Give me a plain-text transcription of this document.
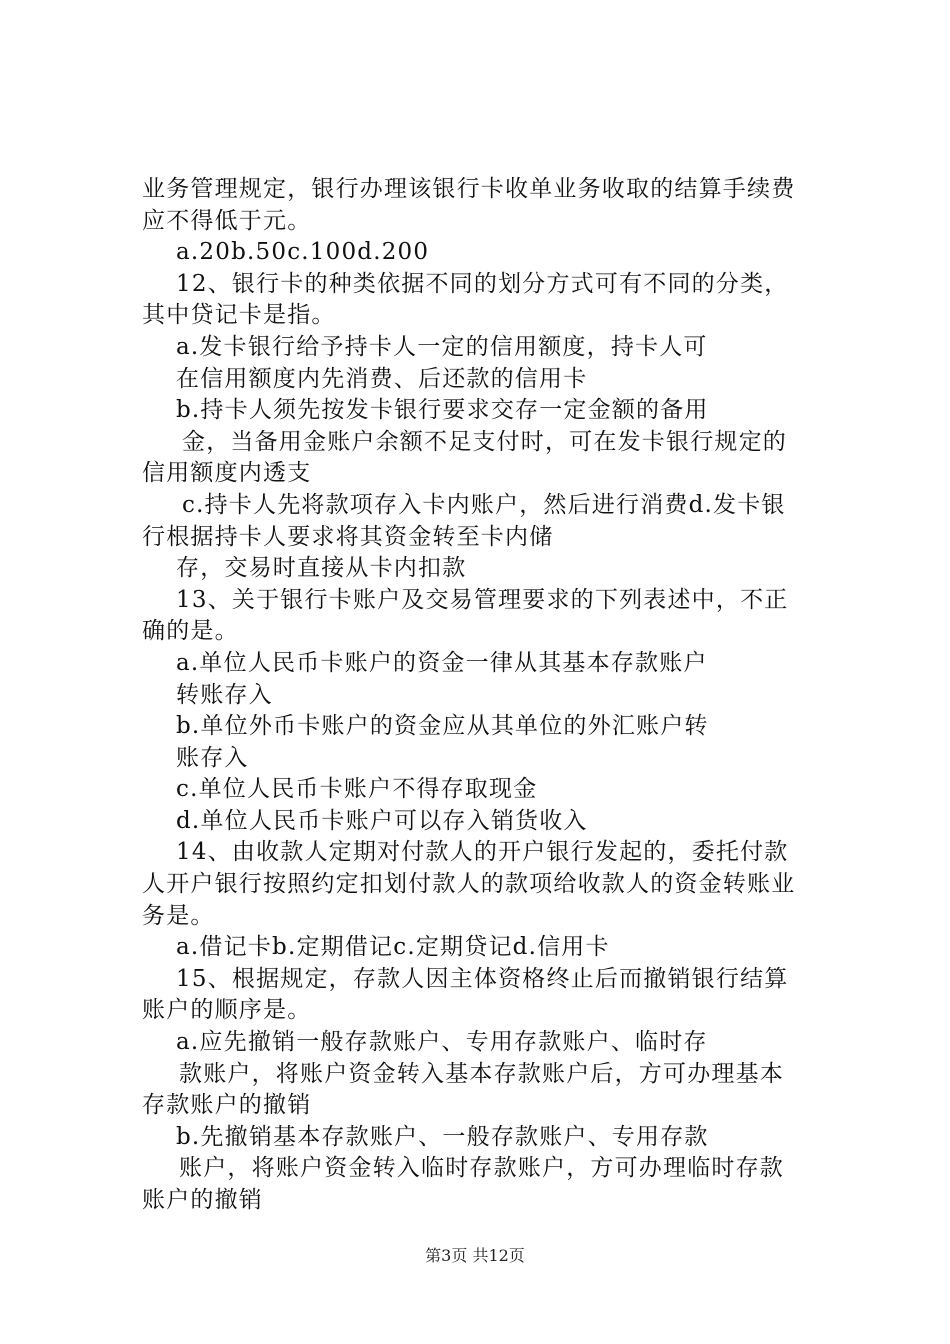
业务管理规定，银行办理该银行卡收单业务收取的结算手续费
应不得低于元。
a.20b.50c.100d.200
12、银行卡的种类依据不同的划分方式可有不同的分类，
其中贷记卡是指。
a.发卡银行给予持卡人一定的信用额度，持卡人可
在信用额度内先消费、后还款的信用卡
b.持卡人须先按发卡银行要求交存一定金额的备用
金，当备用金账户余额不足支付时，可在发卡银行规定的
信用额度内透支
c.持卡人先将款项存入卡内账户，然后进行消费d.发卡银
行根据持卡人要求将其资金转至卡内储
存，交易时直接从卡内扣款
13、关于银行卡账户及交易管理要求的下列表述中，不正
确的是。
a.单位人民币卡账户的资金一律从其基本存款账户
转账存入
b.单位外币卡账户的资金应从其单位的外汇账户转
账存入
c.单位人民币卡账户不得存取现金
d.单位人民币卡账户可以存入销货收入
14、由收款人定期对付款人的开户银行发起的，委托付款
人开户银行按照约定扣划付款人的款项给收款人的资金转账业
务是。
a.借记卡b.定期借记c.定期贷记d.信用卡
15、根据规定，存款人因主体资格终止后而撤销银行结算
账户的顺序是。
a.应先撤销一般存款账户、专用存款账户、临时存
款账户，将账户资金转入基本存款账户后，方可办理基本
存款账户的撤销
b.先撤销基本存款账户、一般存款账户、专用存款
账户，将账户资金转入临时存款账户，方可办理临时存款
账户的撤销
第3页 共12页
